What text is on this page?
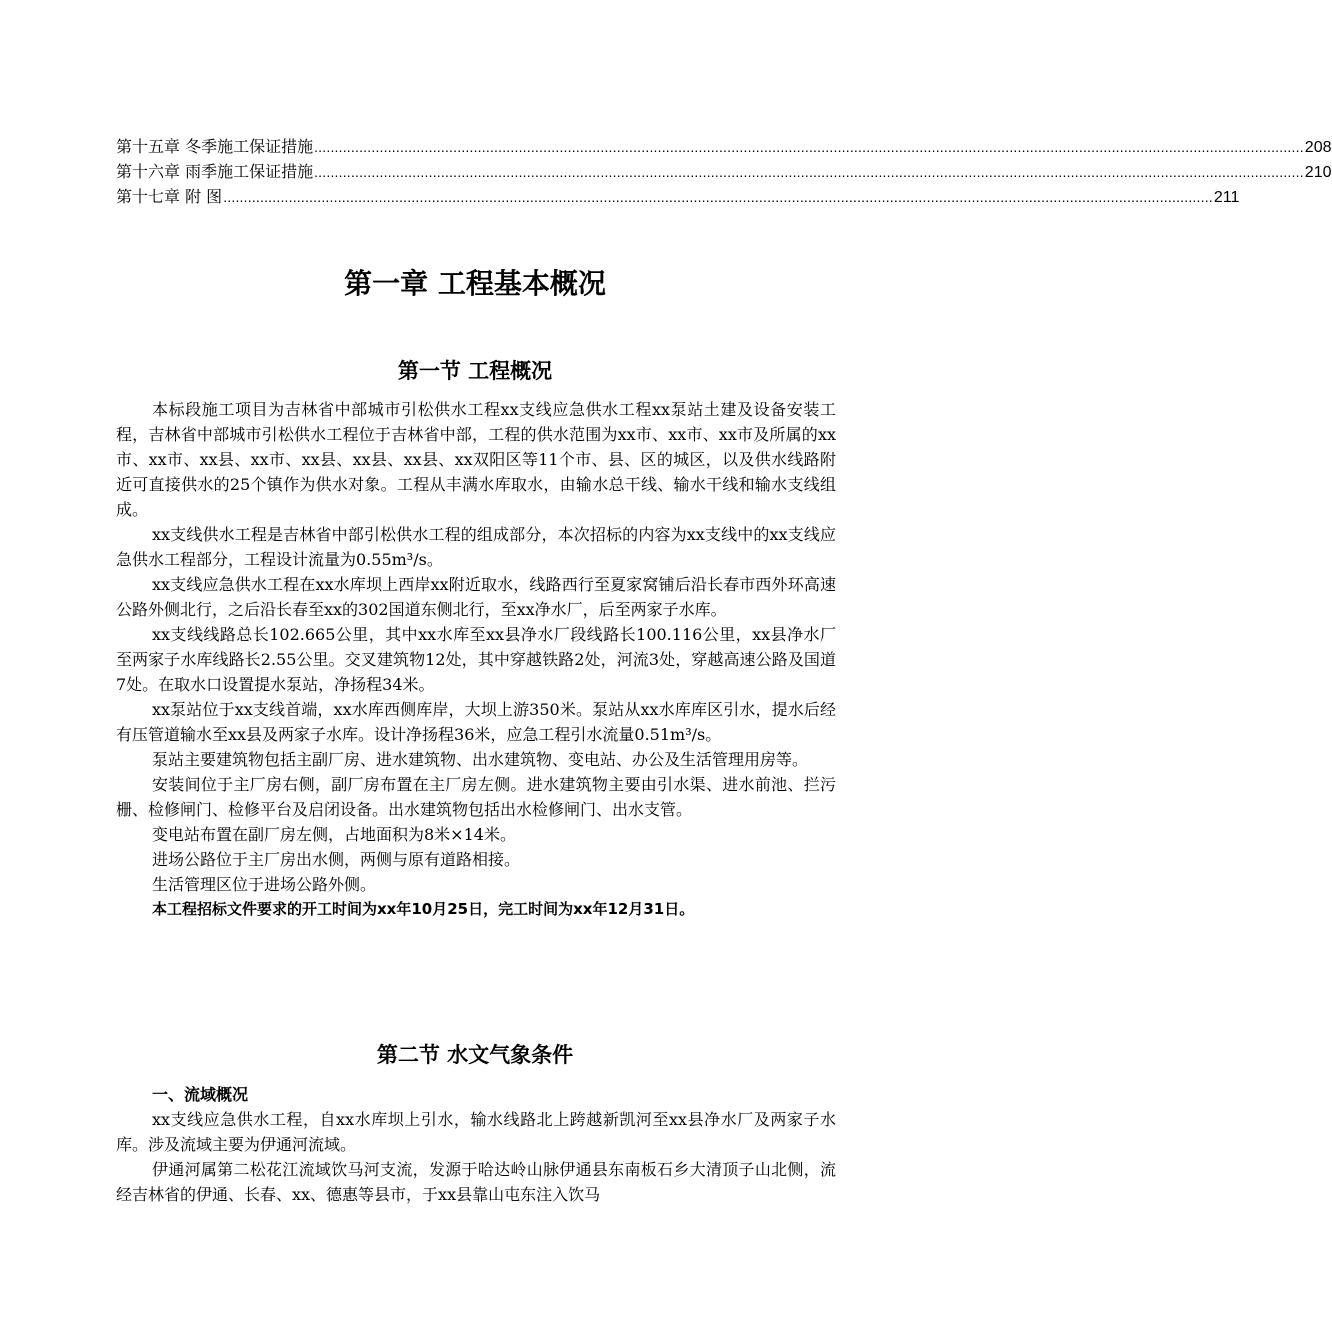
第十五章 冬季施工保证措施 .................................................................................................................................................................................................................................................. 208
第十六章 雨季施工保证措施 .................................................................................................................................................................................................................................................. 210
第十七章 附 图 .................................................................................................................................................................................................................................................. 211
第一章 工程基本概况
第一节 工程概况

本标段施工项目为吉林省中部城市引松供水工程xx支线应急供水工程xx泵站土建及设备安装工程，吉林省中部城市引松供水工程位于吉林省中部，工程的供水范围为xx市、xx市、xx市及所属的xx市、xx市、xx县、xx市、xx县、xx县、xx县、xx双阳区等11个市、县、区的城区，以及供水线路附近可直接供水的25个镇作为供水对象。工程从丰满水库取水，由输水总干线、输水干线和输水支线组成。

xx支线供水工程是吉林省中部引松供水工程的组成部分，本次招标的内容为xx支线中的xx支线应急供水工程部分，工程设计流量为0.55m³/s。

xx支线应急供水工程在xx水库坝上西岸xx附近取水，线路西行至夏家窝铺后沿长春市西外环高速公路外侧北行，之后沿长春至xx的302国道东侧北行，至xx净水厂，后至两家子水库。

xx支线线路总长102.665公里，其中xx水库至xx县净水厂段线路长100.116公里，xx县净水厂至两家子水库线路长2.55公里。交叉建筑物12处，其中穿越铁路2处，河流3处，穿越高速公路及国道7处。在取水口设置提水泵站，净扬程34米。

xx泵站位于xx支线首端，xx水库西侧库岸，大坝上游350米。泵站从xx水库库区引水，提水后经有压管道输水至xx县及两家子水库。设计净扬程36米，应急工程引水流量0.51m³/s。

泵站主要建筑物包括主副厂房、进水建筑物、出水建筑物、变电站、办公及生活管理用房等。

安装间位于主厂房右侧，副厂房布置在主厂房左侧。进水建筑物主要由引水渠、进水前池、拦污栅、检修闸门、检修平台及启闭设备。出水建筑物包括出水检修闸门、出水支管。

变电站布置在副厂房左侧，占地面积为8米×14米。

进场公路位于主厂房出水侧，两侧与原有道路相接。

生活管理区位于进场公路外侧。

本工程招标文件要求的开工时间为xx年10月25日，完工时间为xx年12月31日。

第二节 水文气象条件

一、流域概况

xx支线应急供水工程，自xx水库坝上引水，输水线路北上跨越新凯河至xx县净水厂及两家子水库。涉及流域主要为伊通河流域。

伊通河属第二松花江流域饮马河支流，发源于哈达岭山脉伊通县东南板石乡大清顶子山北侧，流经吉林省的伊通、长春、xx、德惠等县市，于xx县靠山屯东注入饮马
